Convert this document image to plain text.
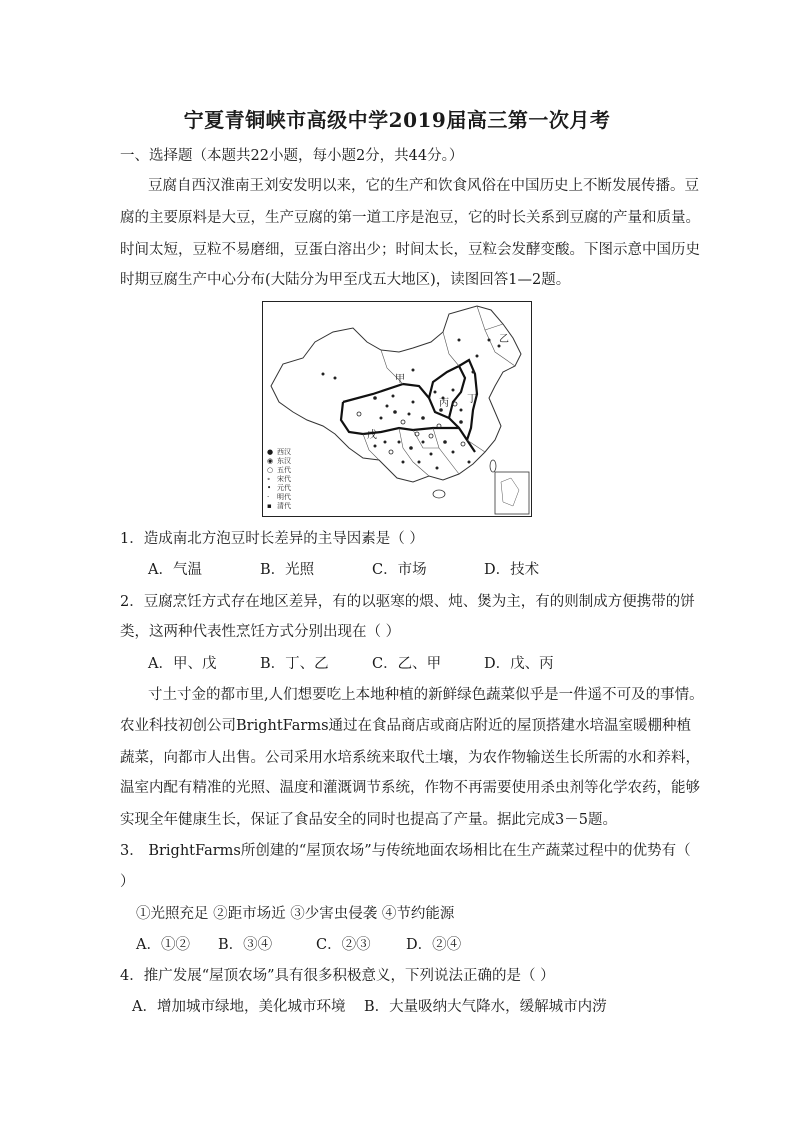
宁夏青铜峡市高级中学2019届高三第一次月考
一、选择题（本题共22小题，每小题2分，共44分。）
豆腐自西汉淮南王刘安发明以来，它的生产和饮食风俗在中国历史上不断发展传播。豆
腐的主要原料是大豆，生产豆腐的第一道工序是泡豆，它的时长关系到豆腐的产量和质量。
时间太短，豆粒不易磨细，豆蛋白溶出少；时间太长，豆粒会发酵变酸。下图示意中国历史
时期豆腐生产中心分布(大陆分为甲至戊五大地区)，读图回答1—2题。
甲
乙
丙 丁
戊
● 西汉
◉ 东汉
○ 五代
∘ 宋代
• 元代
· 明代
▪ 清代
1．造成南北方泡豆时长差异的主导因素是（ ）
A．气温	B．光照	C．市场	D．技术
2．豆腐烹饪方式存在地区差异，有的以驱寒的煨、炖、煲为主，有的则制成方便携带的饼
类，这两种代表性烹饪方式分别出现在（ ）
A．甲、戊	B．丁、乙	C．乙、甲	D．戊、丙
寸土寸金的都市里,人们想要吃上本地种植的新鲜绿色蔬菜似乎是一件遥不可及的事情。
农业科技初创公司BrightFarms通过在食品商店或商店附近的屋顶搭建水培温室暖棚种植
蔬菜，向都市人出售。公司采用水培系统来取代土壤，为农作物输送生长所需的水和养料，
温室内配有精准的光照、温度和灌溉调节系统，作物不再需要使用杀虫剂等化学农药，能够
实现全年健康生长，保证了食品安全的同时也提高了产量。据此完成3－5题。
3． BrightFarms所创建的“屋顶农场”与传统地面农场相比在生产蔬菜过程中的优势有（
）
①光照充足 ②距市场近 ③少害虫侵袭 ④节约能源
A．①② B．③④	C．②③ D．②④
4．推广发展“屋顶农场”具有很多积极意义，下列说法正确的是（ ）
A．增加城市绿地，美化城市环境 B．大量吸纳大气降水，缓解城市内涝
